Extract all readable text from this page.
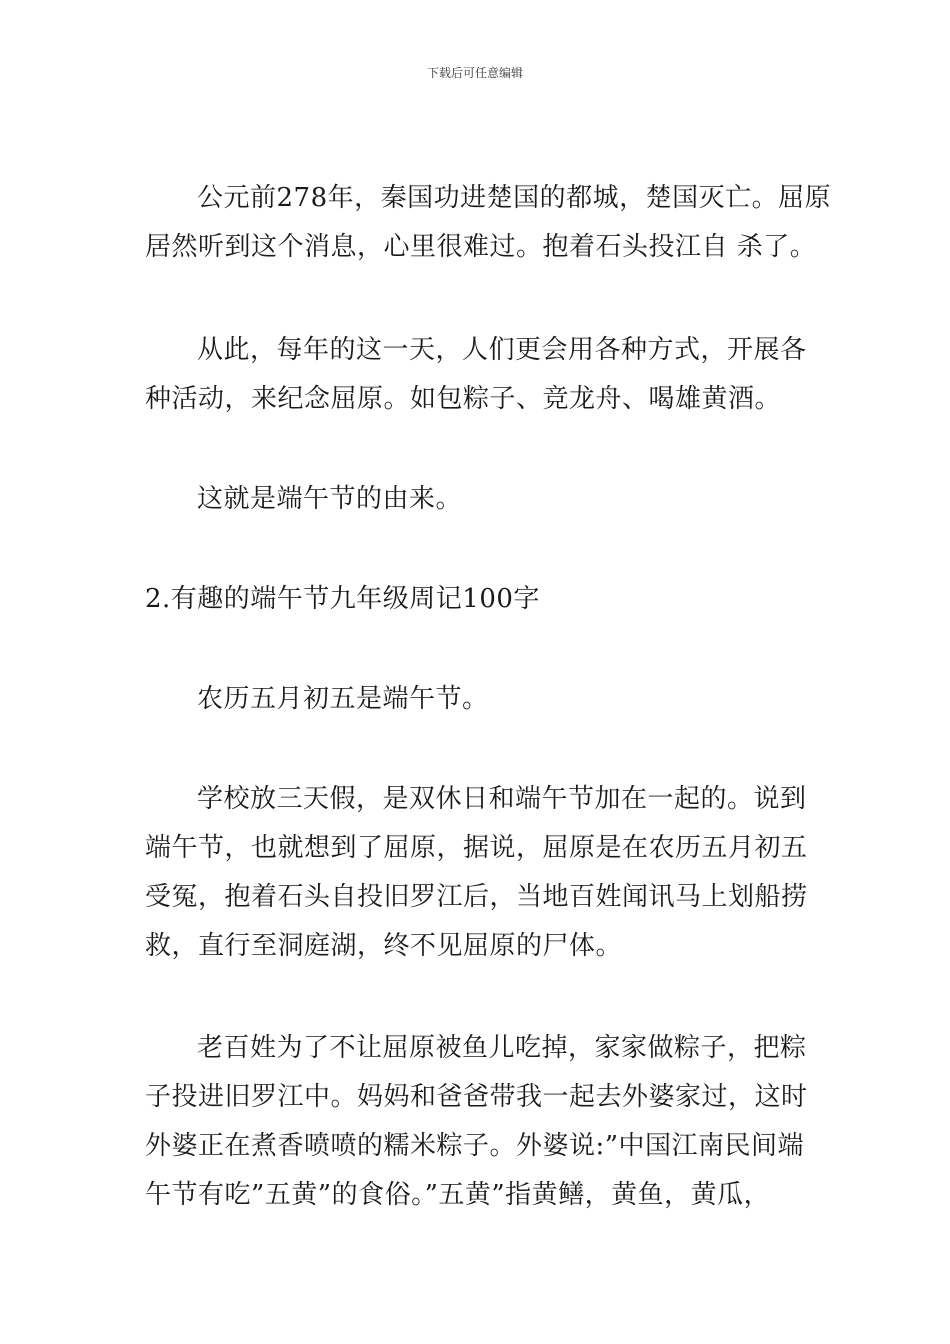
下载后可任意编辑
公元前278年，秦国功进楚国的都城，楚国灭亡。屈原
居然听到这个消息，心里很难过。抱着石头投江自 杀了。
从此，每年的这一天，人们更会用各种方式，开展各
种活动，来纪念屈原。如包粽子、竞龙舟、喝雄黄酒。
这就是端午节的由来。
2.有趣的端午节九年级周记100字
农历五月初五是端午节。
学校放三天假，是双休日和端午节加在一起的。说到
端午节，也就想到了屈原，据说，屈原是在农历五月初五
受冤，抱着石头自投旧罗江后，当地百姓闻讯马上划船捞
救，直行至洞庭湖，终不见屈原的尸体。
老百姓为了不让屈原被鱼儿吃掉，家家做粽子，把粽
子投进旧罗江中。妈妈和爸爸带我一起去外婆家过，这时
外婆正在煮香喷喷的糯米粽子。外婆说:”中国江南民间端
午节有吃”五黄”的食俗。”五黄”指黄鳝，黄鱼，黄瓜，
